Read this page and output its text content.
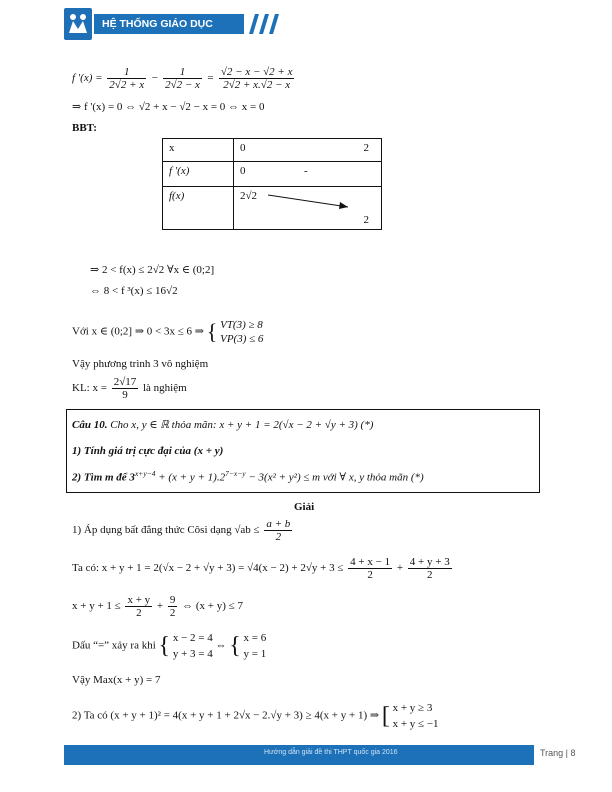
HỆ THỐNG GIÁO DỤC HOCMAI
f '$(x) = \frac{1}{2√2 + x} - \frac{1}{2√2 - x} = \frac{√2 - x - √2 + x}{2√2 + x.√2 - x}$
⇒ f '(x) = 0 ⇔ √2 + x − √2 − x = 0 ⇔ x = 0
BBT:
x	0 2

f '(x)	0 -

f(x)	2√2
2
⇒ 2 < f(x) ≤ 2√2 ∀x ∈ (0;2]
⇔ 8 < f ³(x) ≤ 16√2
Với x ∈ (0;2] ⇒ 0 < 3x ≤ 6 ⇒ { VT(3) ≥ 8
VP(3) ≤ 6
Vậy phương trình 3 vô nghiệm
KL: $x = \frac{2√17}{9}$ là nghiệm
Câu 10. Cho x, y ∈ ℝ thỏa mãn: x + y + 1 = 2(√x − 2 + √y + 3) (*)
1) Tính giá trị cực đại của (x + y)
2) Tìm m để $3^{x+y-4} + (x + y + 1).2^{7-x-y} - 3(x^2 + y^2) \le m$ với ∀ x, y thỏa mãn (*)
Giải
1) Áp dụng bất đẳng thức Côsi dạng $√ab \le \frac{a + b}{2}$
Ta có: $x + y + 1 = 2(√x - 2 + √y + 3) = √4(x - 2) + 2√y + 3 \le \frac{4 + x - 1}{2} + \frac{4 + y + 3}{2}$
$x + y + 1 \le \frac{x + y}{2} + \frac{9}{2}$ ⇔ (x + y) ≤ 7
Dấu “=” xảy ra khi { x − 2 = 4
y + 3 = 4
⇔ { x = 6
y = 1
Vậy Max(x + y) = 7
2) Ta có (x + y + 1)² = 4(x + y + 1 + 2√x − 2.√y + 3) ≥ 4(x + y + 1) ⇒ [ x + y ≥ 3
x + y ≤ −1
Hướng dẫn giải đề thi THPT quốc gia 2016	Trang | 8
